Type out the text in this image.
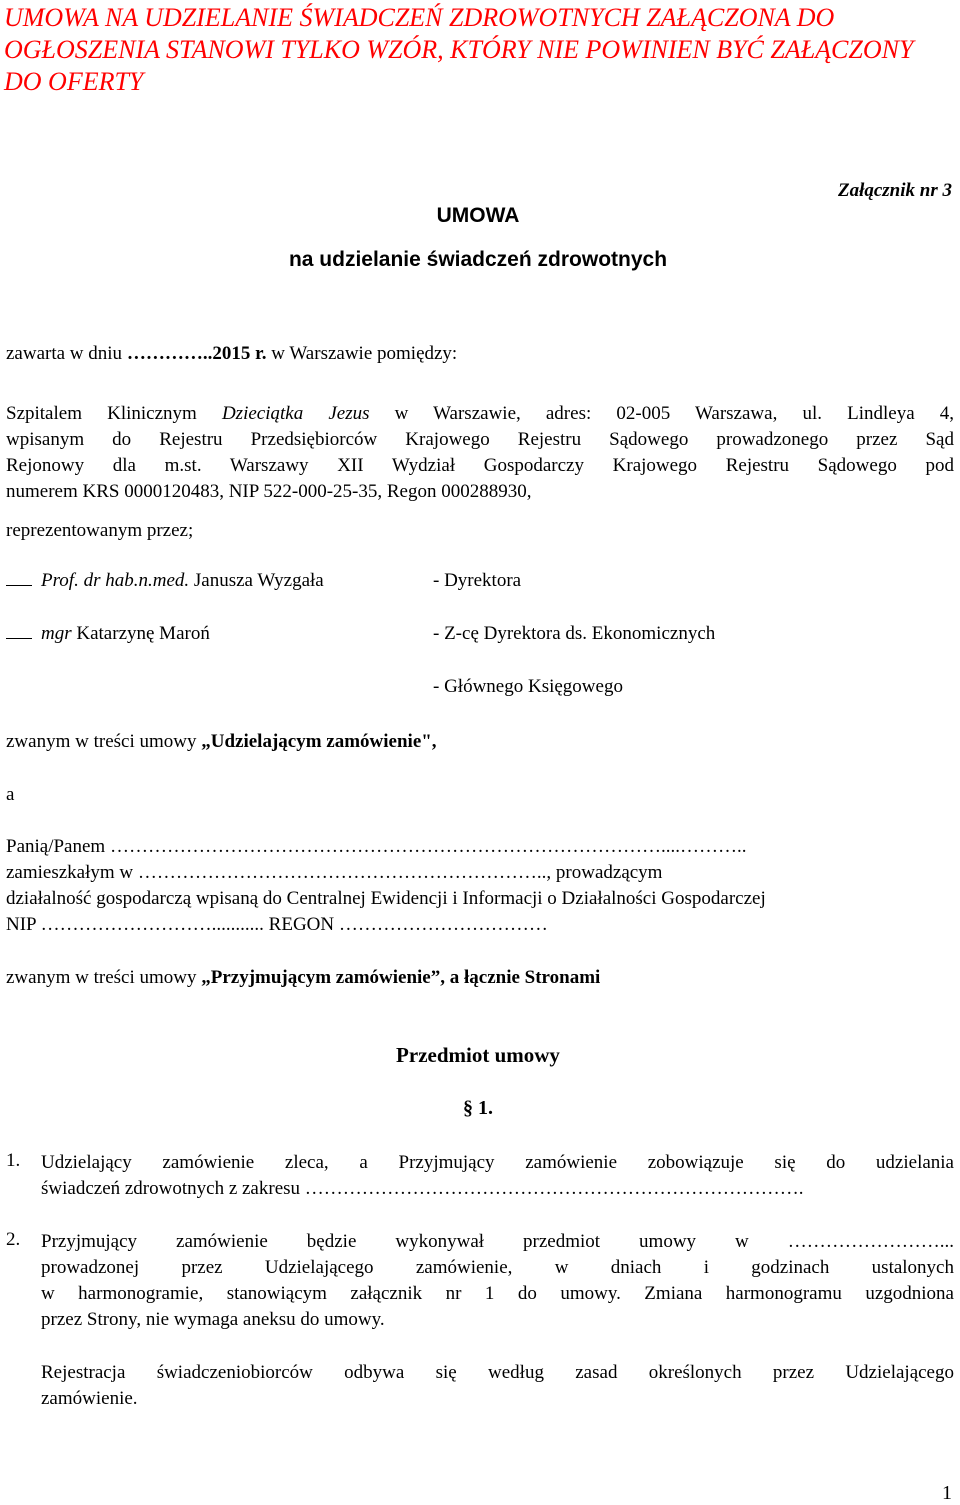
UMOWA NA UDZIELANIE ŚWIADCZEŃ ZDROWOTNYCH ZAŁĄCZONA DO OGŁOSZENIA STANOWI TYLKO WZÓR, KTÓRY NIE POWINIEN BYĆ ZAŁĄCZONY DO OFERTY
Załącznik nr 3
UMOWA
na udzielanie świadczeń zdrowotnych
zawarta w dniu …………..2015 r. w Warszawie pomiędzy:
Szpitalem Klinicznym Dzieciątka Jezus w Warszawie, adres: 02-005 Warszawa, ul. Lindleya 4,
wpisanym do Rejestru Przedsiębiorców Krajowego Rejestru Sądowego prowadzonego przez Sąd
Rejonowy dla m.st. Warszawy XII Wydział Gospodarczy Krajowego Rejestru Sądowego pod
numerem KRS 0000120483, NIP 522-000-25-35, Regon 000288930,
reprezentowanym przez;
Prof. dr hab.n.med. Janusza Wyzgała	- Dyrektora
mgr Katarzynę Maroń	- Z-cę Dyrektora ds. Ekonomicznych
- Głównego Księgowego
zwanym w treści umowy „Udzielającym zamówienie",
a
Panią/Panem ……………………………………………………………………………....………..
zamieszkałym w ……………………………………………………….., prowadzącym
działalność gospodarczą wpisaną do Centralnej Ewidencji i Informacji o Działalności Gospodarczej
NIP ………………………........... REGON ……………………………
zwanym w treści umowy „Przyjmującym zamówienie”, a łącznie Stronami
Przedmiot umowy
§ 1.
1.	Udzielający zamówienie zleca, a Przyjmujący zamówienie zobowiązuje się do udzielania
świadczeń zdrowotnych z zakresu …………………………………………………………………….
2.	Przyjmujący zamówienie będzie wykonywał przedmiot umowy w ……………………...
prowadzonej przez Udzielającego zamówienie, w dniach i godzinach ustalonych
w harmonogramie, stanowiącym załącznik nr 1 do umowy. Zmiana harmonogramu uzgodniona
przez Strony, nie wymaga aneksu do umowy.
Rejestracja świadczeniobiorców odbywa się według zasad określonych przez Udzielającego
zamówienie.
1
